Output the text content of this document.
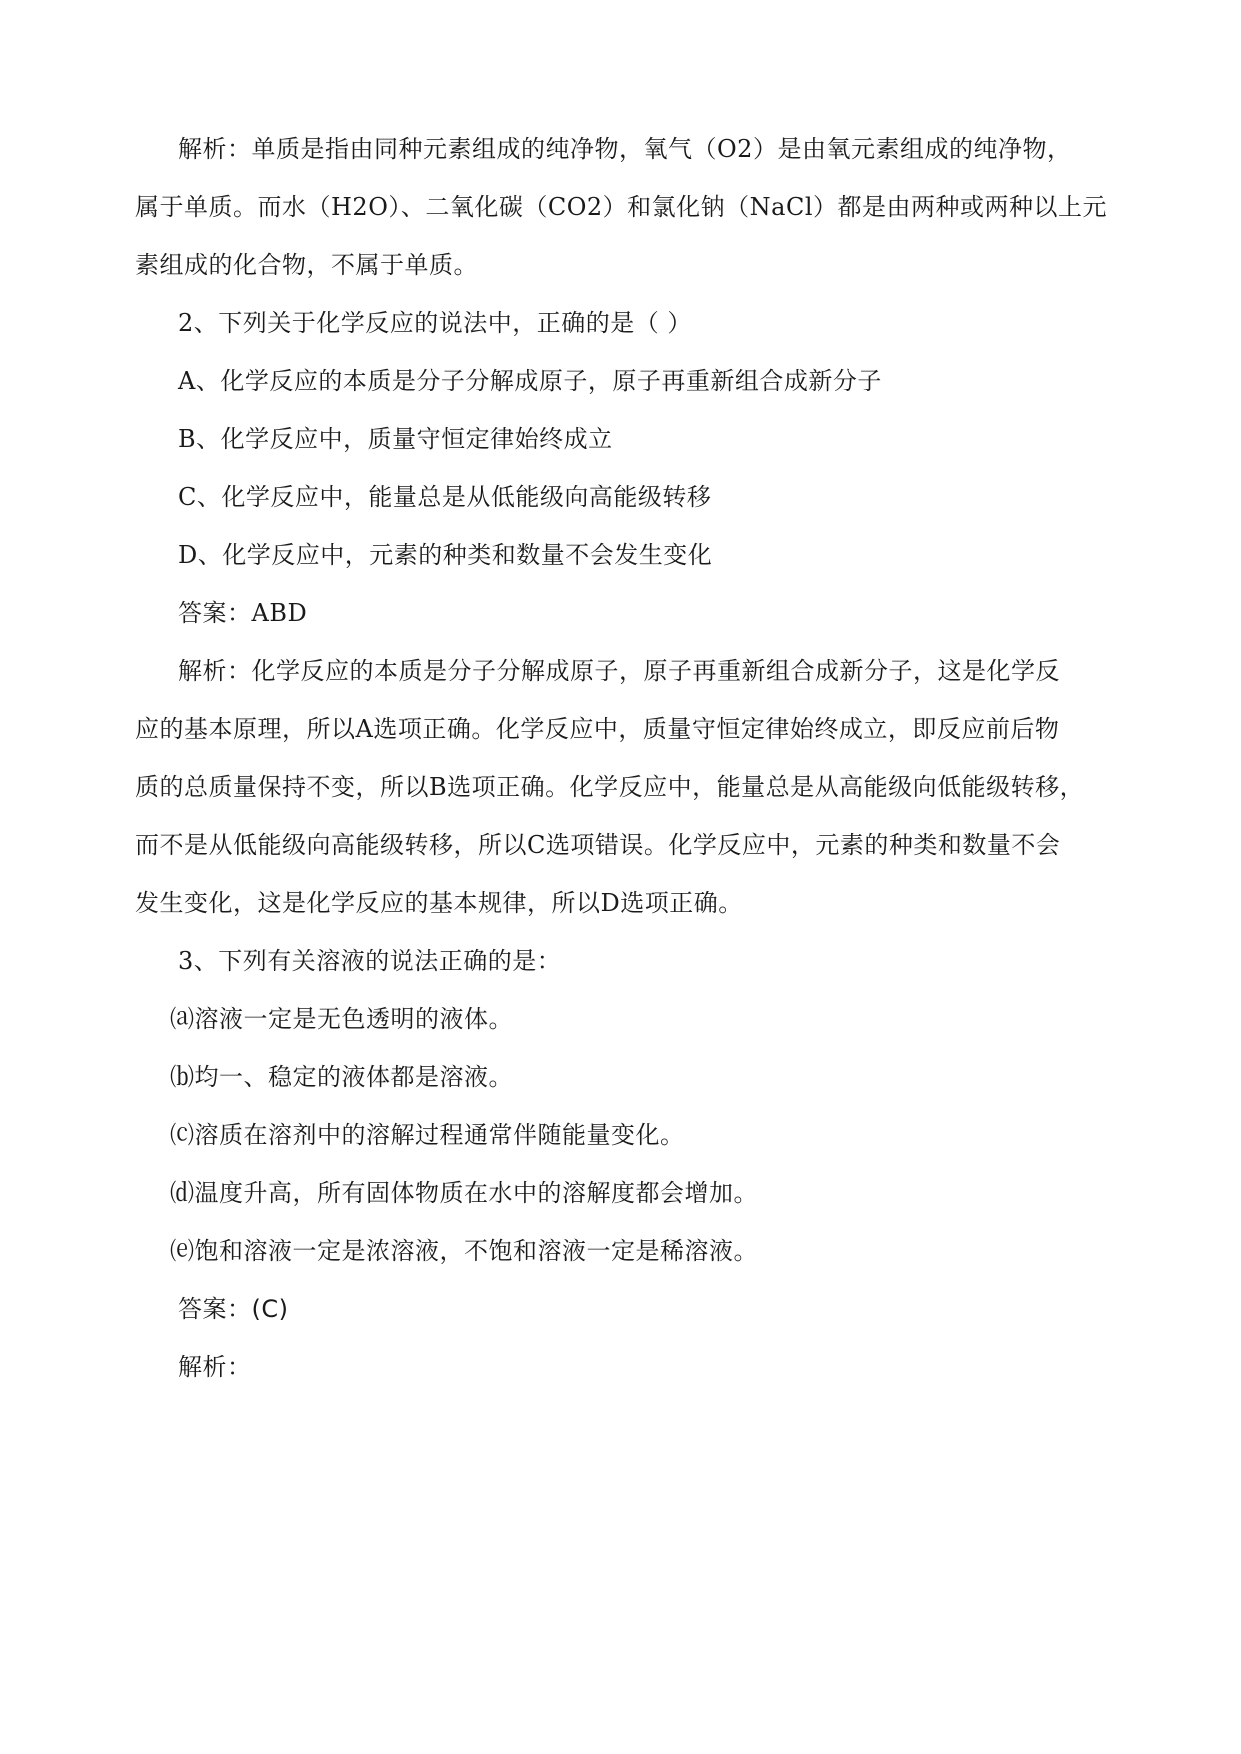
解析：单质是指由同种元素组成的纯净物，氧气（O2）是由氧元素组成的纯净物，
属于单质。而水（H2O）、二氧化碳（CO2）和氯化钠（NaCl）都是由两种或两种以上元
素组成的化合物，不属于单质。
2、下列关于化学反应的说法中，正确的是（ ）
A、化学反应的本质是分子分解成原子，原子再重新组合成新分子
B、化学反应中，质量守恒定律始终成立
C、化学反应中，能量总是从低能级向高能级转移
D、化学反应中，元素的种类和数量不会发生变化
答案：ABD
解析：化学反应的本质是分子分解成原子，原子再重新组合成新分子，这是化学反
应的基本原理，所以A选项正确。化学反应中，质量守恒定律始终成立，即反应前后物
质的总质量保持不变，所以B选项正确。化学反应中，能量总是从高能级向低能级转移，
而不是从低能级向高能级转移，所以C选项错误。化学反应中，元素的种类和数量不会
发生变化，这是化学反应的基本规律，所以D选项正确。
3、下列有关溶液的说法正确的是：
⒜溶液一定是无色透明的液体。
⒝均一、稳定的液体都是溶液。
⒞溶质在溶剂中的溶解过程通常伴随能量变化。
⒟温度升高，所有固体物质在水中的溶解度都会增加。
⒠饱和溶液一定是浓溶液，不饱和溶液一定是稀溶液。
答案：(C)
解析：
